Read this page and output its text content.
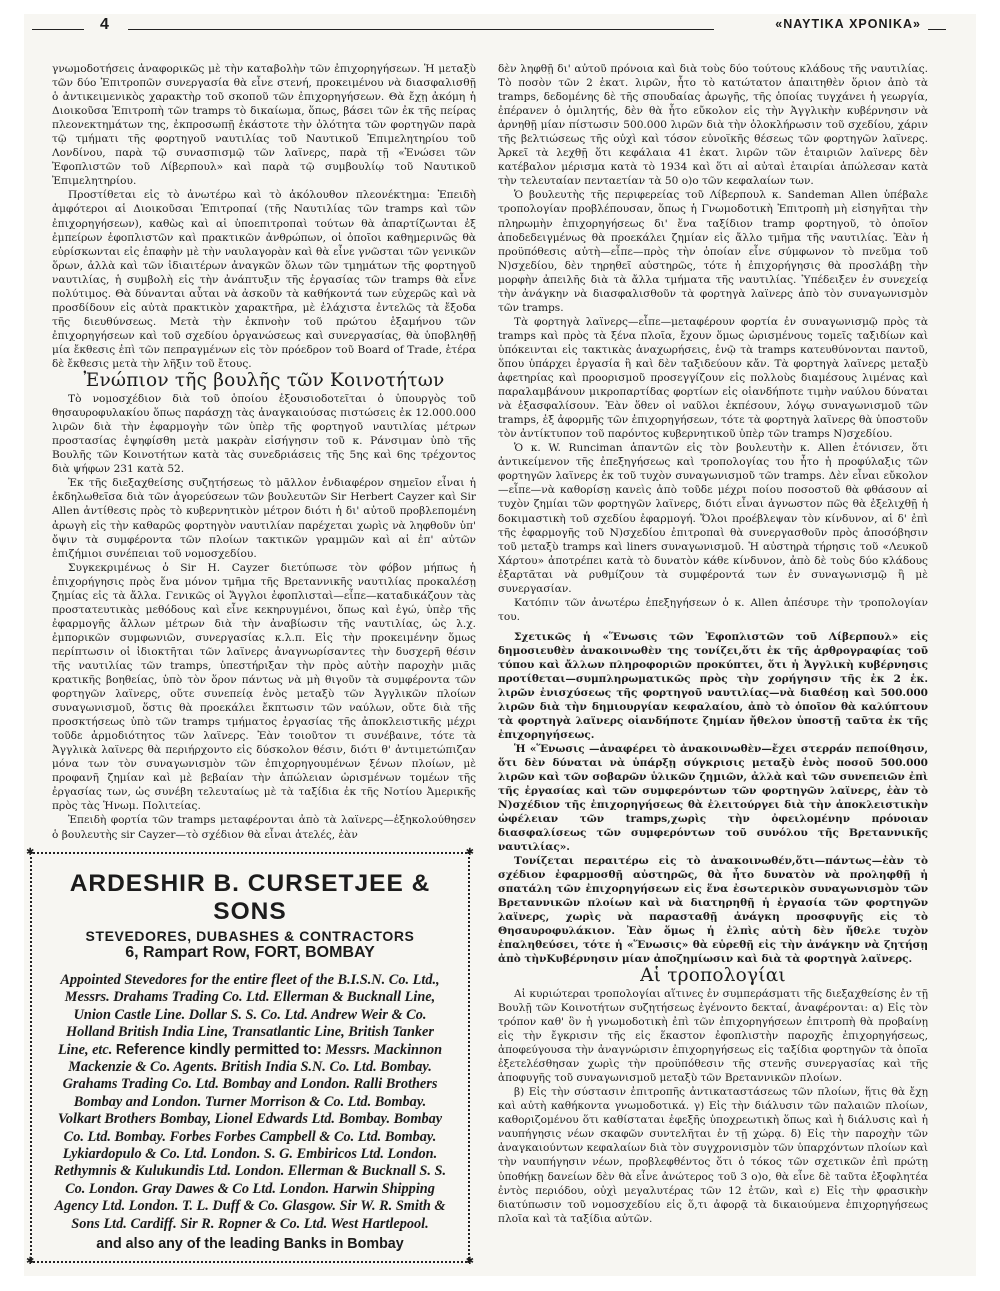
4	«ΝΑΥΤΙΚΑ ΧΡΟΝΙΚΑ»

γνωμοδοτήσεις ἀναφορικῶς μὲ τὴν καταβολὴν τῶν ἐπιχορηγήσεων. Ἡ μεταξὺ τῶν δύο Ἐπιτροπῶν συνεργασία θὰ εἶνε στενή, προκειμένου νὰ διασφαλισθῇ ὁ ἀντικειμενικὸς χαρακτὴρ τοῦ σκοποῦ τῶν ἐπιχορηγήσεων. Θὰ ἔχῃ ἀκόμη ἡ Διοικοῦσα Ἐπιτροπὴ τῶν tramps τὸ δικαίωμα, ὅπως, βάσει τῶν ἐκ τῆς πείρας πλεονεκτημάτων της, ἐκπροσωπῇ ἑκάστοτε τὴν ὁλότητα τῶν φορτηγῶν παρὰ τῷ τμήματι τῆς φορτηγοῦ ναυτιλίας τοῦ Ναυτικοῦ Ἐπιμελητηρίου τοῦ Λονδίνου, παρὰ τῷ συνασπισμῷ τῶν λαϊνερς, παρὰ τῇ «Ἑνώσει τῶν Ἐφοπλιστῶν τοῦ Λίβερπουλ» καὶ παρὰ τῷ συμβουλίῳ τοῦ Ναυτικοῦ Ἐπιμελητηρίου.

Προστίθεται εἰς τὸ ἀνωτέρω καὶ τὸ ἀκόλουθον πλεονέκτημα: Ἐπειδὴ ἀμφότεροι αἱ Διοικοῦσαι Ἐπιτροπαί (τῆς Ναυτιλίας τῶν tramps καὶ τῶν ἐπιχορηγήσεων), καθὼς καὶ αἱ ὑποεπιτροπαὶ τούτων θὰ ἀπαρτίζωνται ἐξ ἐμπείρων ἐφοπλιστῶν καὶ πρακτικῶν ἀνθρώπων, οἱ ὁποῖοι καθημερινῶς θὰ εὑρίσκωνται εἰς ἐπαφὴν μὲ τὴν ναυλαγορὰν καὶ θὰ εἶνε γνῶσται τῶν γενικῶν ὅρων, ἀλλὰ καὶ τῶν ἰδιαιτέρων ἀναγκῶν ὅλων τῶν τμημάτων τῆς φορτηγοῦ ναυτιλίας, ἡ συμβολὴ εἰς τὴν ἀνάπτυξιν τῆς ἐργασίας τῶν tramps θὰ εἶνε πολύτιμος. Θὰ δύνανται αὗται νὰ ἀσκοῦν τὰ καθήκοντά των εὐχερῶς καὶ νὰ προσδίδουν εἰς αὐτὰ πρακτικὸν χαρακτῆρα, μὲ ἐλάχιστα ἐντελῶς τὰ ἔξοδα τῆς διευθύνσεως. Μετὰ τὴν ἐκπνοὴν τοῦ πρώτου ἑξαμήνου τῶν ἐπιχορηγήσεων καὶ τοῦ σχεδίου ὀργανώσεως καὶ συνεργασίας, θὰ ὑποβληθῇ μία ἔκθεσις ἐπὶ τῶν πεπραγμένων εἰς τὸν πρόεδρον τοῦ Board of Trade, ἑτέρα δὲ ἔκθεσις μετὰ τὴν λῆξιν τοῦ ἔτους.

Ἐνώπιον τῆς βουλῆς τῶν Κοινοτήτων

Τὸ νομοσχέδιον διὰ τοῦ ὁποίου ἐξουσιοδοτεῖται ὁ ὑπουργὸς τοῦ θησαυροφυλακίου ὅπως παράσχῃ τὰς ἀναγκαιούσας πιστώσεις ἐκ 12.000.000 λιρῶν διὰ τὴν ἐφαρμογὴν τῶν ὑπὲρ τῆς φορτηγοῦ ναυτιλίας μέτρων προστασίας ἐψηφίσθη μετὰ μακρὰν εἰσήγησιν τοῦ κ. Ράνσιμαν ὑπὸ τῆς Βουλῆς τῶν Κοινοτήτων κατὰ τὰς συνεδριάσεις τῆς 5ης καὶ 6ης τρέχοντος διὰ ψήφων 231 κατὰ 52.

Ἐκ τῆς διεξαχθείσης συζητήσεως τὸ μᾶλλον ἐνδιαφέρον σημεῖον εἶναι ἡ ἐκδηλωθεῖσα διὰ τῶν ἀγορεύσεων τῶν βουλευτῶν Sir Herbert Cayzer καὶ Sir Allen ἀντίθεσις πρὸς τὸ κυβερνητικὸν μέτρον διότι ἡ δι' αὐτοῦ προβλεπομένη ἀρωγὴ εἰς τὴν καθαρῶς φορτηγὸν ναυτιλίαν παρέχεται χωρὶς νὰ ληφθοῦν ὑπ' ὄψιν τὰ συμφέροντα τῶν πλοίων τακτικῶν γραμμῶν καὶ αἱ ἐπ' αὐτῶν ἐπιζήμιοι συνέπειαι τοῦ νομοσχεδίου.

Συγκεκριμένως ὁ Sir H. Cayzer διετύπωσε τὸν φόβον μήπως ἡ ἐπιχορήγησις πρὸς ἕνα μόνον τμῆμα τῆς Βρεταννικῆς ναυτιλίας προκαλέσῃ ζημίας εἰς τὰ ἄλλα. Γενικῶς οἱ Ἄγγλοι ἐφοπλισταὶ—εἶπε—καταδικάζουν τὰς προστατευτικὰς μεθόδους καὶ εἶνε κεκηρυγμένοι, ὅπως καὶ ἐγώ, ὑπὲρ τῆς ἐφαρμογῆς ἄλλων μέτρων διὰ τὴν ἀναβίωσιν τῆς ναυτιλίας, ὡς λ.χ. ἐμπορικῶν συμφωνιῶν, συνεργασίας κ.λ.π. Εἰς τὴν προκειμένην ὅμως περίπτωσιν οἱ ἰδιοκτῆται τῶν λαϊνερς ἀναγνωρίσαντες τὴν δυσχερῆ θέσιν τῆς ναυτιλίας τῶν tramps, ὑπεστήριξαν τὴν πρὸς αὐτὴν παροχὴν μιᾶς κρατικῆς βοηθείας, ὑπὸ τὸν ὅρον πάντως νὰ μὴ θιγοῦν τὰ συμφέροντα τῶν φορτηγῶν λαϊνερς, οὔτε συνεπείᾳ ἑνὸς μεταξὺ τῶν Ἀγγλικῶν πλοίων συναγωνισμοῦ, ὅστις θὰ προεκάλει ἔκπτωσιν τῶν ναύλων, οὔτε διὰ τῆς προσκτήσεως ὑπὸ τῶν tramps τμήματος ἐργασίας τῆς ἀποκλειστικῆς μέχρι τοῦδε ἁρμοδιότητος τῶν λαϊνερς. Ἐὰν τοιοῦτον τι συνέβαινε, τότε τὰ Ἀγγλικὰ λαϊνερς θὰ περιήρχοντο εἰς δύσκολον θέσιν, διότι θ' ἀντιμετώπιζαν μόνα των τὸν συναγωνισμὸν τῶν ἐπιχορηγουμένων ξένων πλοίων, μὲ προφανῆ ζημίαν καὶ μὲ βεβαίαν τὴν ἀπώλειαν ὡρισμένων τομέων τῆς ἐργασίας των, ὡς συνέβη τελευταίως μὲ τὰ ταξίδια ἐκ τῆς Νοτίου Ἀμερικῆς πρὸς τὰς Ἡνωμ. Πολιτείας.

Ἐπειδὴ φορτία τῶν tramps μεταφέρονται ἀπὸ τὰ λαϊνερς—ἐξηκολούθησεν ὁ βουλευτὴς sir Cayzer—τὸ σχέδιον θὰ εἶναι ἀτελές, ἐὰν

✱	✱
✱	✱
ARDESHIR B. CURSETJEE & SONS
STEVEDORES, DUBASHES & CONTRACTORS
6, Rampart Row, FORT, BOMBAY
Appointed Stevedores for the entire fleet of the B.I.S.N. Co. Ltd., Messrs. Drahams Trading Co. Ltd. Ellerman & Bucknall Line, Union Castle Line. Dollar S. S. Co. Ltd. Andrew Weir & Co. Holland British India Line, Transatlantic Line, British Tanker Line, etc. Reference kindly permitted to: Messrs. Mackinnon Mackenzie & Co. Agents. British India S.N. Co. Ltd. Bombay. Grahams Trading Co. Ltd. Bombay and London. Ralli Brothers Bombay and London. Turner Morrison & Co. Ltd. Bombay. Volkart Brothers Bombay, Lionel Edwards Ltd. Bombay. Bombay Co. Ltd. Bombay. Forbes Forbes Campbell & Co. Ltd. Bombay. Lykiardopulo & Co. Ltd. London. S. G. Embiricos Ltd. London. Rethymnis & Kulukundis Ltd. London. Ellerman & Bucknall S. S. Co. London. Gray Dawes & Co Ltd. London. Harwin Shipping Agency Ltd. London. T. L. Duff & Co. Glasgow. Sir W. R. Smith & Sons Ltd. Cardiff. Sir R. Ropner & Co. Ltd. West Hartlepool.
and also any of the leading Banks in Bombay

δὲν ληφθῇ δι' αὐτοῦ πρόνοια καὶ διὰ τοὺς δύο τούτους κλάδους τῆς ναυτιλίας. Τὸ ποσὸν τῶν 2 ἑκατ. λιρῶν, ἦτο τὸ κατώτατον ἀπαιτηθὲν ὅριον ἀπὸ τὰ tramps, δεδομένης δὲ τῆς σπουδαίας ἀρωγῆς, τῆς ὁποίας τυγχάνει ἡ γεωργία, ἐπέρανεν ὁ ὁμιλητής, δὲν θὰ ἦτο εὔκολον εἰς τὴν Ἀγγλικὴν κυβέρνησιν νὰ ἀρνηθῇ μίαν πίστωσιν 500.000 λιρῶν διὰ τὴν ὁλοκλήρωσιν τοῦ σχεδίου, χάριν τῆς βελτιώσεως τῆς οὐχὶ καὶ τόσον εὐνοϊκῆς θέσεως τῶν φορτηγῶν λαϊνερς. Ἀρκεῖ τὰ λεχθῇ ὅτι κεφάλαια 41 ἑκατ. λιρῶν τῶν ἑταιριῶν λαϊνερς δὲν κατέβαλον μέρισμα κατὰ τὸ 1934 καὶ ὅτι αἱ αὐταὶ ἑταιρίαι ἀπώλεσαν κατὰ τὴν τελευταίαν πενταετίαν τὰ 50 ο)ο τῶν κεφαλαίων των.

Ὁ βουλευτὴς τῆς περιφερείας τοῦ Λίβερπουλ κ. Sandeman Allen ὑπέβαλε τροπολογίαν προβλέπουσαν, ὅπως ἡ Γνωμοδοτικὴ Ἐπιτροπὴ μὴ εἰσηγῆται τὴν πληρωμὴν ἐπιχορηγήσεως δι' ἕνα ταξίδιον tramp φορτηγοῦ, τὸ ὁποῖον ἀποδεδειγμένως θὰ προεκάλει ζημίαν εἰς ἄλλο τμῆμα τῆς ναυτιλίας. Ἐὰν ἡ προϋπόθεσις αὐτὴ—εἶπε—πρὸς τὴν ὁποίαν εἶνε σύμφωνον τὸ πνεῦμα τοῦ Ν)σχεδίου, δὲν τηρηθεῖ αὐστηρῶς, τότε ἡ ἐπιχορήγησις θὰ προσλάβῃ τὴν μορφὴν ἀπειλῆς διὰ τὰ ἄλλα τμήματα τῆς ναυτιλίας. Ὑπέδειξεν ἐν συνεχείᾳ τὴν ἀνάγκην νὰ διασφαλισθοῦν τὰ φορτηγὰ λαϊνερς ἀπὸ τὸν συναγωνισμὸν τῶν tramps.

Τὰ φορτηγὰ λαϊνερς—εἶπε—μεταφέρουν φορτία ἐν συναγωνισμῷ πρὸς τὰ tramps καὶ πρὸς τὰ ξένα πλοῖα, ἔχουν ὅμως ὡρισμένους τομεῖς ταξιδίων καὶ ὑπόκεινται εἰς τακτικὰς ἀναχωρήσεις, ἐνῷ τὰ tramps κατευθύνονται παντοῦ, ὅπου ὑπάρχει ἐργασία ἢ καὶ δὲν ταξιδεύουν κἄν. Τὰ φορτηγὰ λαϊνερς μεταξὺ ἀφετηρίας καὶ προορισμοῦ προσεγγίζουν εἰς πολλοὺς διαμέσους λιμένας καὶ παραλαμβάνουν μικροπαρτίδας φορτίων εἰς οἱανδήποτε τιμὴν ναύλου δύναται νὰ ἐξασφαλίσουν. Ἐὰν ὅθεν οἱ ναῦλοι ἐκπέσουν, λόγῳ συναγωνισμοῦ τῶν tramps, ἐξ ἀφορμῆς τῶν ἐπιχορηγήσεων, τότε τὰ φορτηγὰ λαϊνερς θὰ ὑποστοῦν τὸν ἀντίκτυπον τοῦ παρόντος κυβερνητικοῦ ὑπὲρ τῶν tramps Ν)σχεδίου.

Ὁ κ. W. Runciman ἀπαντῶν εἰς τὸν βουλευτὴν κ. Allen ἐτόνισεν, ὅτι ἀντικείμενον τῆς ἐπεξηγήσεως καὶ τροπολογίας του ἦτο ἡ προφύλαξις τῶν φορτηγῶν λαϊνερς ἐκ τοῦ τυχὸν συναγωνισμοῦ τῶν tramps. Δὲν εἶναι εὔκολον—εἶπε—νὰ καθορίσῃ κανεὶς ἀπὸ τοῦδε μέχρι ποίου ποσοστοῦ θὰ φθάσουν αἱ τυχὸν ζημίαι τῶν φορτηγῶν λαϊνερς, διότι εἶναι ἀγνωστον πῶς θὰ ἐξελιχθῇ ἡ δοκιμαστικὴ τοῦ σχεδίου ἐφαρμογή. Ὅλοι προέβλεψαν τὸν κίνδυνον, αἱ δ' ἐπὶ τῆς ἐφαρμογῆς τοῦ Ν)σχεδίου ἐπιτροπαὶ θὰ συνεργασθοῦν πρὸς ἀποσόβησιν τοῦ μεταξὺ tramps καὶ liners συναγωνισμοῦ. Ἡ αὐστηρὰ τήρησις τοῦ «Λευκοῦ Χάρτου» ἀποτρέπει κατὰ τὸ δυνατὸν κάθε κίνδυνον, ἀπὸ δὲ τοὺς δύο κλάδους ἐξαρτᾶται νὰ ρυθμίζουν τὰ συμφέροντά των ἐν συναγωνισμῷ ἢ μὲ συνεργασίαν.

Κατόπιν τῶν ἀνωτέρω ἐπεξηγήσεων ὁ κ. Allen ἀπέσυρε τὴν τροπολογίαν του.

Σχετικῶς ἡ «Ἕνωσις τῶν Ἐφοπλιστῶν τοῦ Λίβερπουλ» εἰς δημοσιευθὲν ἀνακοινωθὲν της τονίζει,ὅτι ἐκ τῆς ἀρθρογραφίας τοῦ τύπου καὶ ἄλλων πληροφοριῶν προκύπτει, ὅτι ἡ Ἀγγλικὴ κυβέρνησις προτίθεται—συμπληρωματικῶς πρὸς τὴν χορήγησιν τῆς ἐκ 2 ἑκ. λιρῶν ἐνισχύσεως τῆς φορτηγοῦ ναυτιλίας—νὰ διαθέσῃ καὶ 500.000 λιρῶν διὰ τὴν δημιουργίαν κεφαλαίου, ἀπὸ τὸ ὁποῖον θὰ καλύπτουν τὰ φορτηγὰ λαϊνερς οἱανδήποτε ζημίαν ἤθελον ὑποστῇ ταῦτα ἐκ τῆς ἐπιχορηγήσεως.

Ἡ «Ἕνωσις —ἀναφέρει τὸ ἀνακοινωθὲν—ἔχει στερράν πεποίθησιν, ὅτι δὲν δύναται νὰ ὑπάρξῃ σύγκρισις μεταξὺ ἑνὸς ποσοῦ 500.000 λιρῶν καὶ τῶν σοβαρῶν ὑλικῶν ζημιῶν, ἀλλὰ καὶ τῶν συνεπειῶν ἐπὶ τῆς ἐργασίας καὶ τῶν συμφερόντων τῶν φορτηγῶν λαϊνερς, ἐὰν τὸ Ν)σχέδιον τῆς ἐπιχορηγήσεως θὰ ἐλειτούργει διὰ τὴν ἀποκλειστικὴν ὠφέλειαν τῶν tramps,χωρὶς τὴν ὀφειλομένην πρόνοιαν διασφαλίσεως τῶν συμφερόντων τοῦ συνόλου τῆς Βρεταννικῆς ναυτιλίας».

Τονίζεται περαιτέρω εἰς τὸ ἀνακοινωθέν,ὅτι—πάντως—ἐὰν τὸ σχέδιον ἐφαρμοσθῇ αὐστηρῶς, θὰ ἦτο δυνατὸν νὰ προληφθῇ ἡ σπατάλη τῶν ἐπιχορηγήσεων εἰς ἕνα ἐσωτερικὸν συναγωνισμὸν τῶν Βρεταννικῶν πλοίων καὶ νὰ διατηρηθῇ ἡ ἐργασία τῶν φορτηγῶν λαϊνερς, χωρὶς νὰ παρασταθῇ ἀνάγκη προσφυγῆς εἰς τὸ Θησαυροφυλάκιον. Ἐὰν ὅμως ἡ ἐλπὶς αὐτὴ δὲν ἤθελε τυχὸν ἐπαληθεύσει, τότε ἡ «Ἕνωσις» θὰ εὑρεθῇ εἰς τὴν ἀνάγκην νὰ ζητήσῃ ἀπὸ τὴνΚυβέρνησιν μίαν ἀποζημίωσιν καὶ διὰ τὰ φορτηγὰ λαϊνερς.

Αἱ τροπολογίαι

Αἱ κυριώτεραι τροπολογίαι αἵτινες ἐν συμπεράσματι τῆς διεξαχθείσης ἐν τῇ Βουλῇ τῶν Κοινοτήτων συζητήσεως ἐγένοντο δεκταί, ἀναφέρονται: α) Εἰς τὸν τρόπον καθ' ὃν ἡ γνωμοδοτικὴ ἐπὶ τῶν ἐπιχορηγήσεων ἐπιτροπὴ θὰ προβαίνῃ εἰς τὴν ἔγκρισιν τῆς εἰς ἕκαστον ἐφοπλιστὴν παροχῆς ἐπιχορηγήσεως, ἀποφεύγουσα τὴν ἀναγνώρισιν ἐπιχορηγήσεως εἰς ταξίδια φορτηγῶν τὰ ὁποῖα ἐξετελέσθησαν χωρὶς τὴν προϋπόθεσιν τῆς στενῆς συνεργασίας καὶ τῆς ἀποφυγῆς τοῦ συναγωνισμοῦ μεταξὺ τῶν Βρεταννικῶν πλοίων.

β) Εἰς τὴν σύστασιν ἐπιτροπῆς ἀντικαταστάσεως τῶν πλοίων, ἥτις θὰ ἔχῃ καὶ αὐτὴ καθήκοντα γνωμοδοτικά. γ) Εἰς τὴν διάλυσιν τῶν παλαιῶν πλοίων, καθοριζομένου ὅτι καθίσταται ἐφεξῆς ὑποχρεωτικὴ ὅπως καὶ ἡ διάλυσις καὶ ἡ ναυπήγησις νέων σκαφῶν συντελῆται ἐν τῇ χώρᾳ. δ) Εἰς τὴν παροχὴν τῶν ἀναγκαιούντων κεφαλαίων διὰ τὸν συγχρονισμὸν τῶν ὑπαρχόντων πλοίων καὶ τὴν ναυπήγησιν νέων, προβλεφθέντος ὅτι ὁ τόκος τῶν σχετικῶν ἐπὶ πρώτῃ ὑποθήκῃ δανείων δὲν θὰ εἶνε ἀνώτερος τοῦ 3 ο)ο, θὰ εἶνε δὲ ταῦτα ἐξοφλητέα ἐντὸς περιόδου, οὐχὶ μεγαλυτέρας τῶν 12 ἐτῶν, καὶ ε) Εἰς τὴν φρασικὴν διατύπωσιν τοῦ νομοσχεδίου εἰς ὅ,τι ἀφορᾷ τὰ δικαιούμενα ἐπιχορηγήσεως πλοῖα καὶ τὰ ταξίδια αὐτῶν.
